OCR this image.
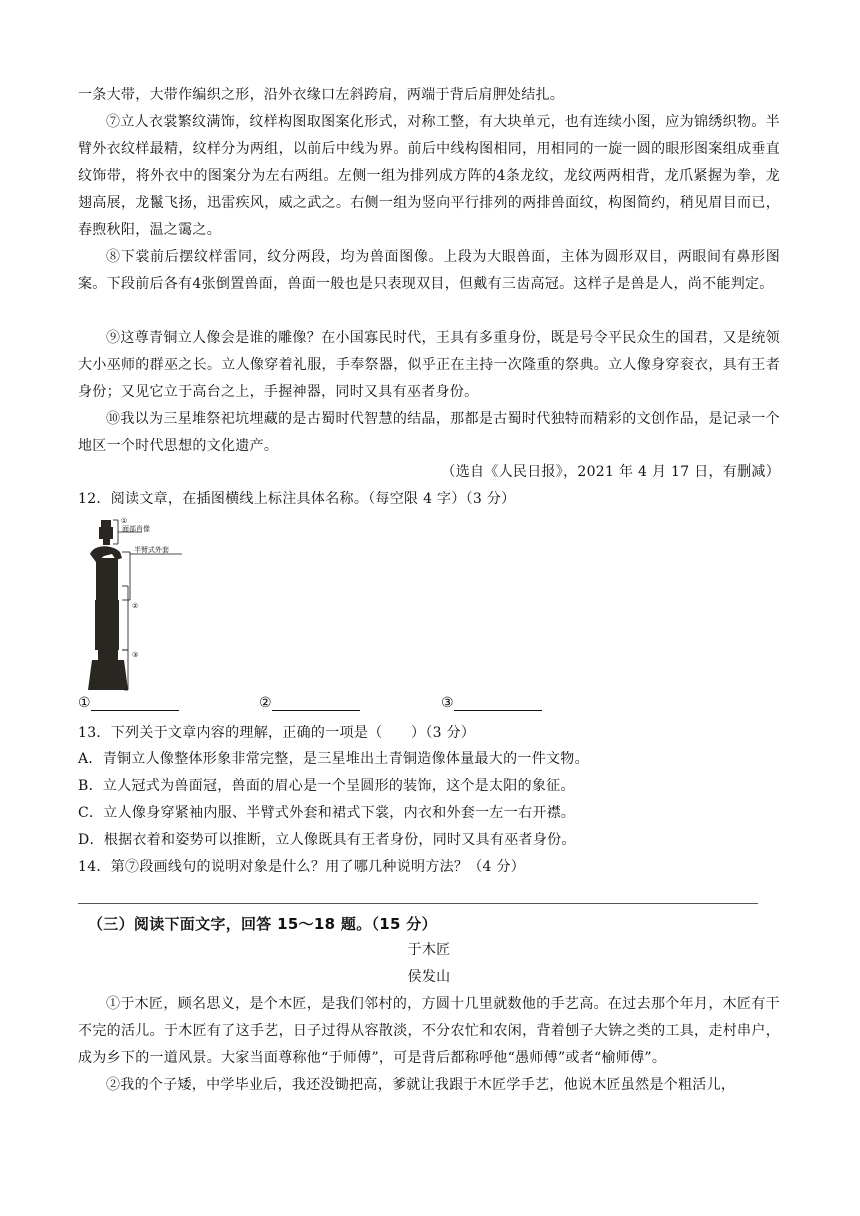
一条大带，大带作编织之形，沿外衣缘口左斜跨肩，两端于背后肩胛处结扎。

⑦立人衣裳繁纹满饰，纹样构图取图案化形式，对称工整，有大块单元，也有连续小图，应为锦绣织物。半臂外衣纹样最精，纹样分为两组，以前后中线为界。前后中线构图相同，用相同的一旋一圆的眼形图案组成垂直纹饰带，将外衣中的图案分为左右两组。左侧一组为排列成方阵的4条龙纹，龙纹两两相背，龙爪紧握为拳，龙翅高展，龙鬣飞扬，迅雷疾风，威之武之。右侧一组为竖向平行排列的两排兽面纹，构图简约，稍见眉目而已，春煦秋阳，温之霭之。

⑧下裳前后摆纹样雷同，纹分两段，均为兽面图像。上段为大眼兽面，主体为圆形双目，两眼间有鼻形图案。下段前后各有4张倒置兽面，兽面一般也是只表现双目，但戴有三齿高冠。这样子是兽是人，尚不能判定。

⑨这尊青铜立人像会是谁的雕像？在小国寡民时代，王具有多重身份，既是号令平民众生的国君，又是统领大小巫师的群巫之长。立人像穿着礼服，手奉祭器，似乎正在主持一次隆重的祭典。立人像身穿衮衣，具有王者身份；又见它立于高台之上，手握神器，同时又具有巫者身份。

⑩我以为三星堆祭祀坑埋藏的是古蜀时代智慧的结晶，那都是古蜀时代独特而精彩的文创作品，是记录一个地区一个时代思想的文化遗产。

（选自《人民日报》，2021 年 4 月 17 日，有删减）

12．阅读文章，在插图横线上标注具体名称。（每空限 4 字）（3 分）

①
面部肖像
半臂式外套
②
③
①	②	③

13．下列关于文章内容的理解，正确的一项是（　　）（3 分）

A．青铜立人像整体形象非常完整，是三星堆出土青铜造像体量最大的一件文物。

B．立人冠式为兽面冠，兽面的眉心是一个呈圆形的装饰，这个是太阳的象征。

C．立人像身穿紧袖内服、半臂式外套和裙式下裳，内衣和外套一左一右开襟。

D．根据衣着和姿势可以推断，立人像既具有王者身份，同时又具有巫者身份。

14．第⑦段画线句的说明对象是什么？用了哪几种说明方法？（4 分）

（三）阅读下面文字，回答 15～18 题。（15 分）

于木匠

侯发山

①于木匠，顾名思义，是个木匠，是我们邻村的，方圆十几里就数他的手艺高。在过去那个年月，木匠有干不完的活儿。于木匠有了这手艺，日子过得从容散淡，不分农忙和农闲，背着刨子大锛之类的工具，走村串户，成为乡下的一道风景。大家当面尊称他“于师傅”，可是背后都称呼他“愚师傅”或者“榆师傅”。

②我的个子矮，中学毕业后，我还没锄把高，爹就让我跟于木匠学手艺，他说木匠虽然是个粗活儿，
